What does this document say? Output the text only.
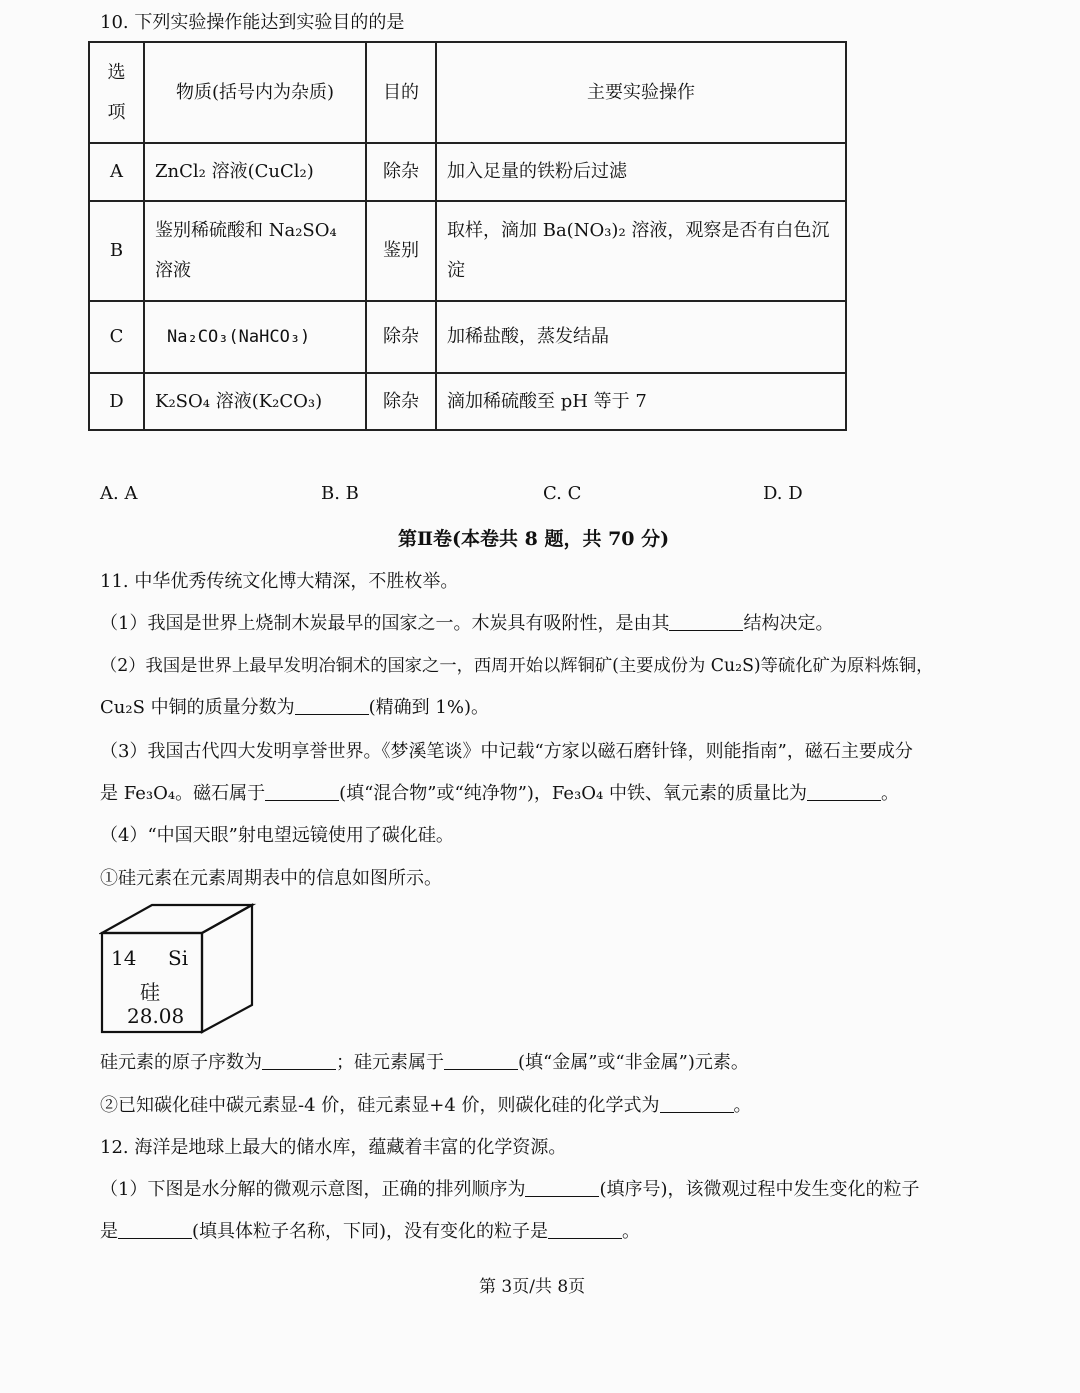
10. 下列实验操作能达到实验目的的是
选项	物质(括号内为杂质)	目的	主要实验操作
A	ZnCl₂ 溶液(CuCl₂)	除杂	加入足量的铁粉后过滤
B	鉴别稀硫酸和 Na₂SO₄ 溶液	鉴别	取样，滴加 Ba(NO₃)₂ 溶液，观察是否有白色沉淀
C	Na₂CO₃(NaHCO₃)	除杂	加稀盐酸，蒸发结晶
D	K₂SO₄ 溶液(K₂CO₃)	除杂	滴加稀硫酸至 pH 等于 7
A. A	B. B	C. C	D. D
第Ⅱ卷(本卷共 8 题，共 70 分)
11. 中华优秀传统文化博大精深，不胜枚举。
（1）我国是世界上烧制木炭最早的国家之一。木炭具有吸附性，是由其	结构决定。
（2）我国是世界上最早发明冶铜术的国家之一，西周开始以辉铜矿(主要成份为 Cu₂S)等硫化矿为原料炼铜，
Cu₂S 中铜的质量分数为	(精确到 1%)。
（3）我国古代四大发明享誉世界。《梦溪笔谈》中记载“方家以磁石磨针锋，则能指南”，磁石主要成分
是 Fe₃O₄。磁石属于	(填“混合物”或“纯净物”)，Fe₃O₄ 中铁、氧元素的质量比为	。
（4）“中国天眼”射电望远镜使用了碳化硅。
①硅元素在元素周期表中的信息如图所示。
14 Si
硅
28.08
硅元素的原子序数为	；硅元素属于	(填“金属”或“非金属”)元素。
②已知碳化硅中碳元素显-4 价，硅元素显+4 价，则碳化硅的化学式为	。
12. 海洋是地球上最大的储水库，蕴藏着丰富的化学资源。
（1）下图是水分解的微观示意图，正确的排列顺序为	(填序号)，该微观过程中发生变化的粒子
是	(填具体粒子名称，下同)，没有变化的粒子是	。
第 3页/共 8页
